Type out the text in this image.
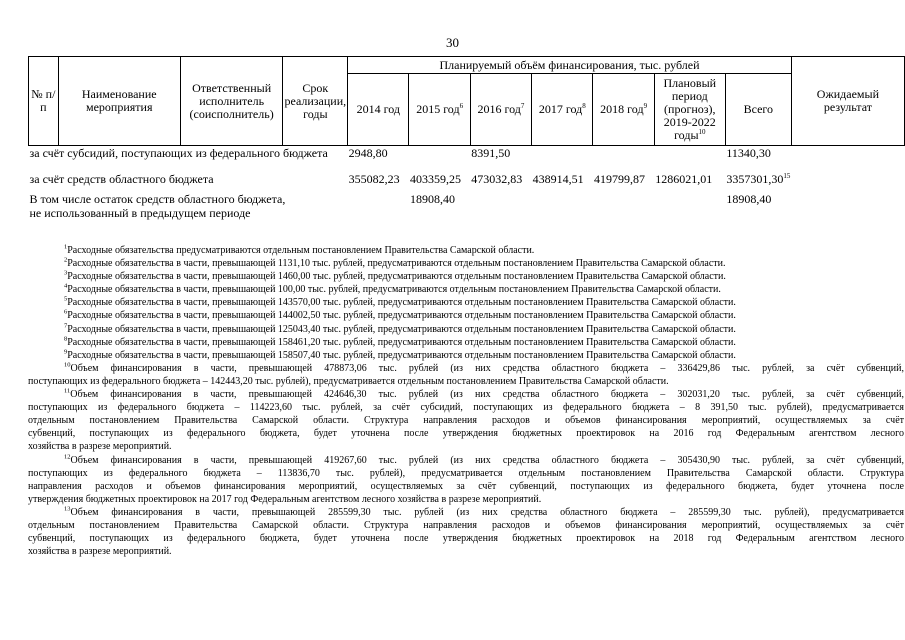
30
№ п/п	Наименование мероприятия	Ответственный исполнитель (соисполнитель)	Срок реализации, годы	Планируемый объём финансирования, тыс. рублей							Ожидаемый результат
				2014 год	2015 год$^6$	2016 год$^7$	2017 год$^8$	2018 год$^9$	Плановый период (прогноз), 2019-2022 годы$^{10}$	Всего	
за счёт субсидий, поступающих из федерального бюджета				2948,80		8391,50				11340,30	
за счёт средств областного бюджета				355082,23	403359,25	473032,83	438914,51	419799,87	1286021,01	3357301,30$^{15}$	

В том числе остаток средств областного бюджета,
не использованный в предыдущем периоде					18908,40					18908,40	
$^1$Расходные обязательства предусматриваются отдельным постановлением Правительства Самарской области.
$^2$Расходные обязательства в части, превышающей 1131,10 тыс. рублей, предусматриваются отдельным постановлением Правительства Самарской области.
$^3$Расходные обязательства в части, превышающей 1460,00 тыс. рублей, предусматриваются отдельным постановлением Правительства Самарской области.
$^4$Расходные обязательства в части, превышающей 100,00 тыс. рублей, предусматриваются отдельным постановлением Правительства Самарской области.
$^5$Расходные обязательства в части, превышающей 143570,00 тыс. рублей, предусматриваются отдельным постановлением Правительства Самарской области.
$^6$Расходные обязательства в части, превышающей 144002,50 тыс. рублей, предусматриваются отдельным постановлением Правительства Самарской области.
$^7$Расходные обязательства в части, превышающей 125043,40 тыс. рублей, предусматриваются отдельным постановлением Правительства Самарской области.
$^8$Расходные обязательства в части, превышающей 158461,20 тыс. рублей, предусматриваются отдельным постановлением Правительства Самарской области.
$^9$Расходные обязательства в части, превышающей 158507,40 тыс. рублей, предусматриваются отдельным постановлением Правительства Самарской области.
$^{10}$Объем финансирования в части, превышающей 478873,06 тыс. рублей (из них средства областного бюджета – 336429,86 тыс. рублей, за счёт субвенций,
поступающих из федерального бюджета – 142443,20 тыс. рублей), предусматривается отдельным постановлением Правительства Самарской области.
$^{11}$Объем финансирования в части, превышающей 424646,30 тыс. рублей (из них средства областного бюджета – 302031,20 тыс. рублей, за счёт субвенций,
поступающих из федерального бюджета – 114223,60 тыс. рублей, за счёт субсидий, поступающих из федерального бюджета – 8 391,50 тыс. рублей), предусматривается
отдельным постановлением Правительства Самарской области. Структура направления расходов и объемов финансирования мероприятий, осуществляемых за счёт
субвенций, поступающих из федерального бюджета, будет уточнена после утверждения бюджетных проектировок на 2016 год Федеральным агентством лесного
хозяйства в разрезе мероприятий.
$^{12}$Объем финансирования в части, превышающей 419267,60 тыс. рублей (из них средства областного бюджета – 305430,90 тыс. рублей, за счёт субвенций,
поступающих из федерального бюджета – 113836,70 тыс. рублей), предусматривается отдельным постановлением Правительства Самарской области. Структура
направления расходов и объемов финансирования мероприятий, осуществляемых за счёт субвенций, поступающих из федерального бюджета, будет уточнена после
утверждения бюджетных проектировок на 2017 год Федеральным агентством лесного хозяйства в разрезе мероприятий.
$^{13}$Объем финансирования в части, превышающей 285599,30 тыс. рублей (из них средства областного бюджета – 285599,30 тыс. рублей), предусматривается
отдельным постановлением Правительства Самарской области. Структура направления расходов и объемов финансирования мероприятий, осуществляемых за счёт
субвенций, поступающих из федерального бюджета, будет уточнена после утверждения бюджетных проектировок на 2018 год Федеральным агентством лесного
хозяйства в разрезе мероприятий.
